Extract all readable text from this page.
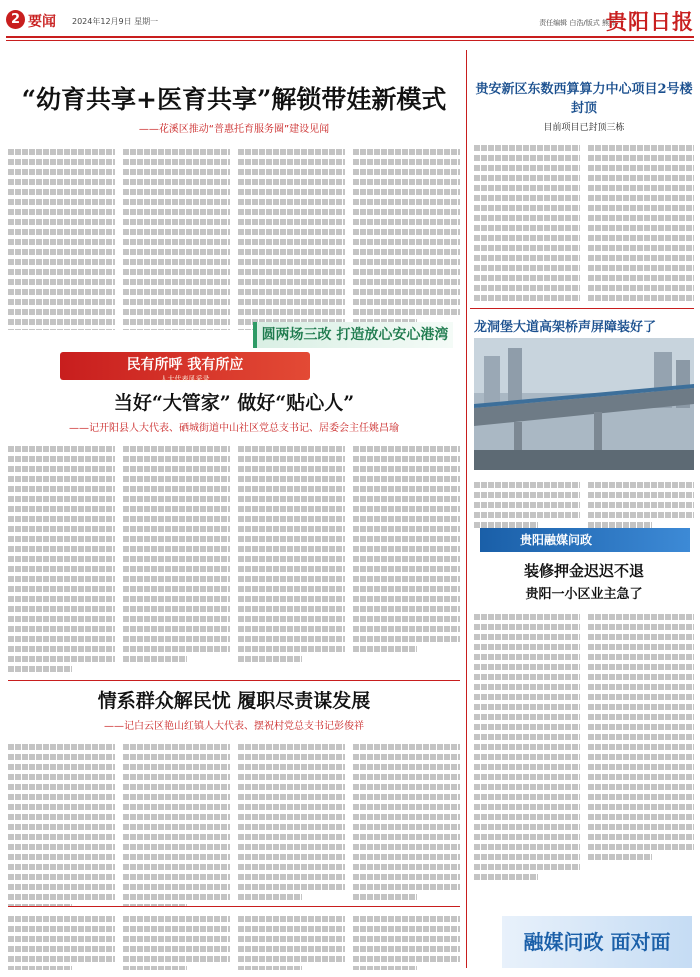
2 要闻 2024年12月9日 星期一	责任编辑 白浩/版式 熊辉
贵阳日报
“幼育共享+医育共享”解锁带娃新模式
——花溪区推动“普惠托育服务圈”建设见闻
圆两场三改 打造放心安心港湾
贵安新区东数西算算力中心项目2号楼封顶
目前项目已封顶三栋
龙洞堡大道高架桥声屏障装好了
贵阳融媒问政
装修押金迟迟不退
贵阳一小区业主急了
融媒问政 面对面
民有所呼 我有所应
人大代表风采录
当好“大管家” 做好“贴心人”
——记开阳县人大代表、硒城街道中山社区党总支书记、居委会主任姚昌瑜
情系群众解民忧 履职尽责谋发展
——记白云区艳山红镇人大代表、摆祝村党总支书记彭俊祥
